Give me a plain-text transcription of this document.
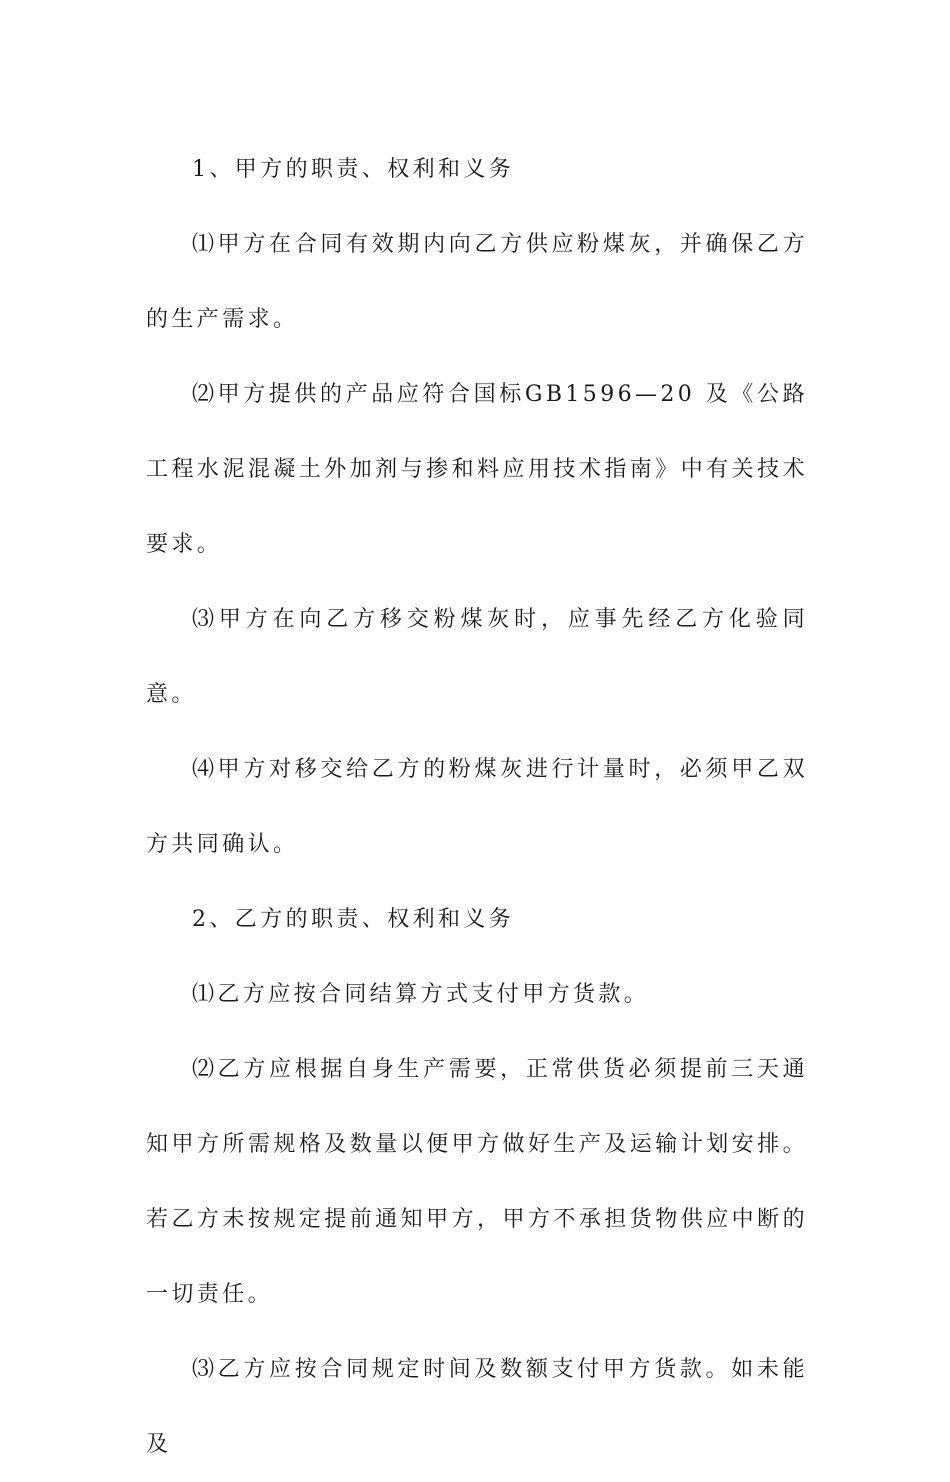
1、甲方的职责、权利和义务

⑴甲方在合同有效期内向乙方供应粉煤灰，并确保乙方的生产需求。

⑵甲方提供的产品应符合国标GB1596—20 及《公路工程水泥混凝土外加剂与掺和料应用技术指南》中有关技术要求。

⑶甲方在向乙方移交粉煤灰时，应事先经乙方化验同意。

⑷甲方对移交给乙方的粉煤灰进行计量时，必须甲乙双方共同确认。

2、乙方的职责、权利和义务

⑴乙方应按合同结算方式支付甲方货款。

⑵乙方应根据自身生产需要，正常供货必须提前三天通知甲方所需规格及数量以便甲方做好生产及运输计划安排。若乙方未按规定提前通知甲方，甲方不承担货物供应中断的一切责任。

⑶乙方应按合同规定时间及数额支付甲方货款。如未能及
